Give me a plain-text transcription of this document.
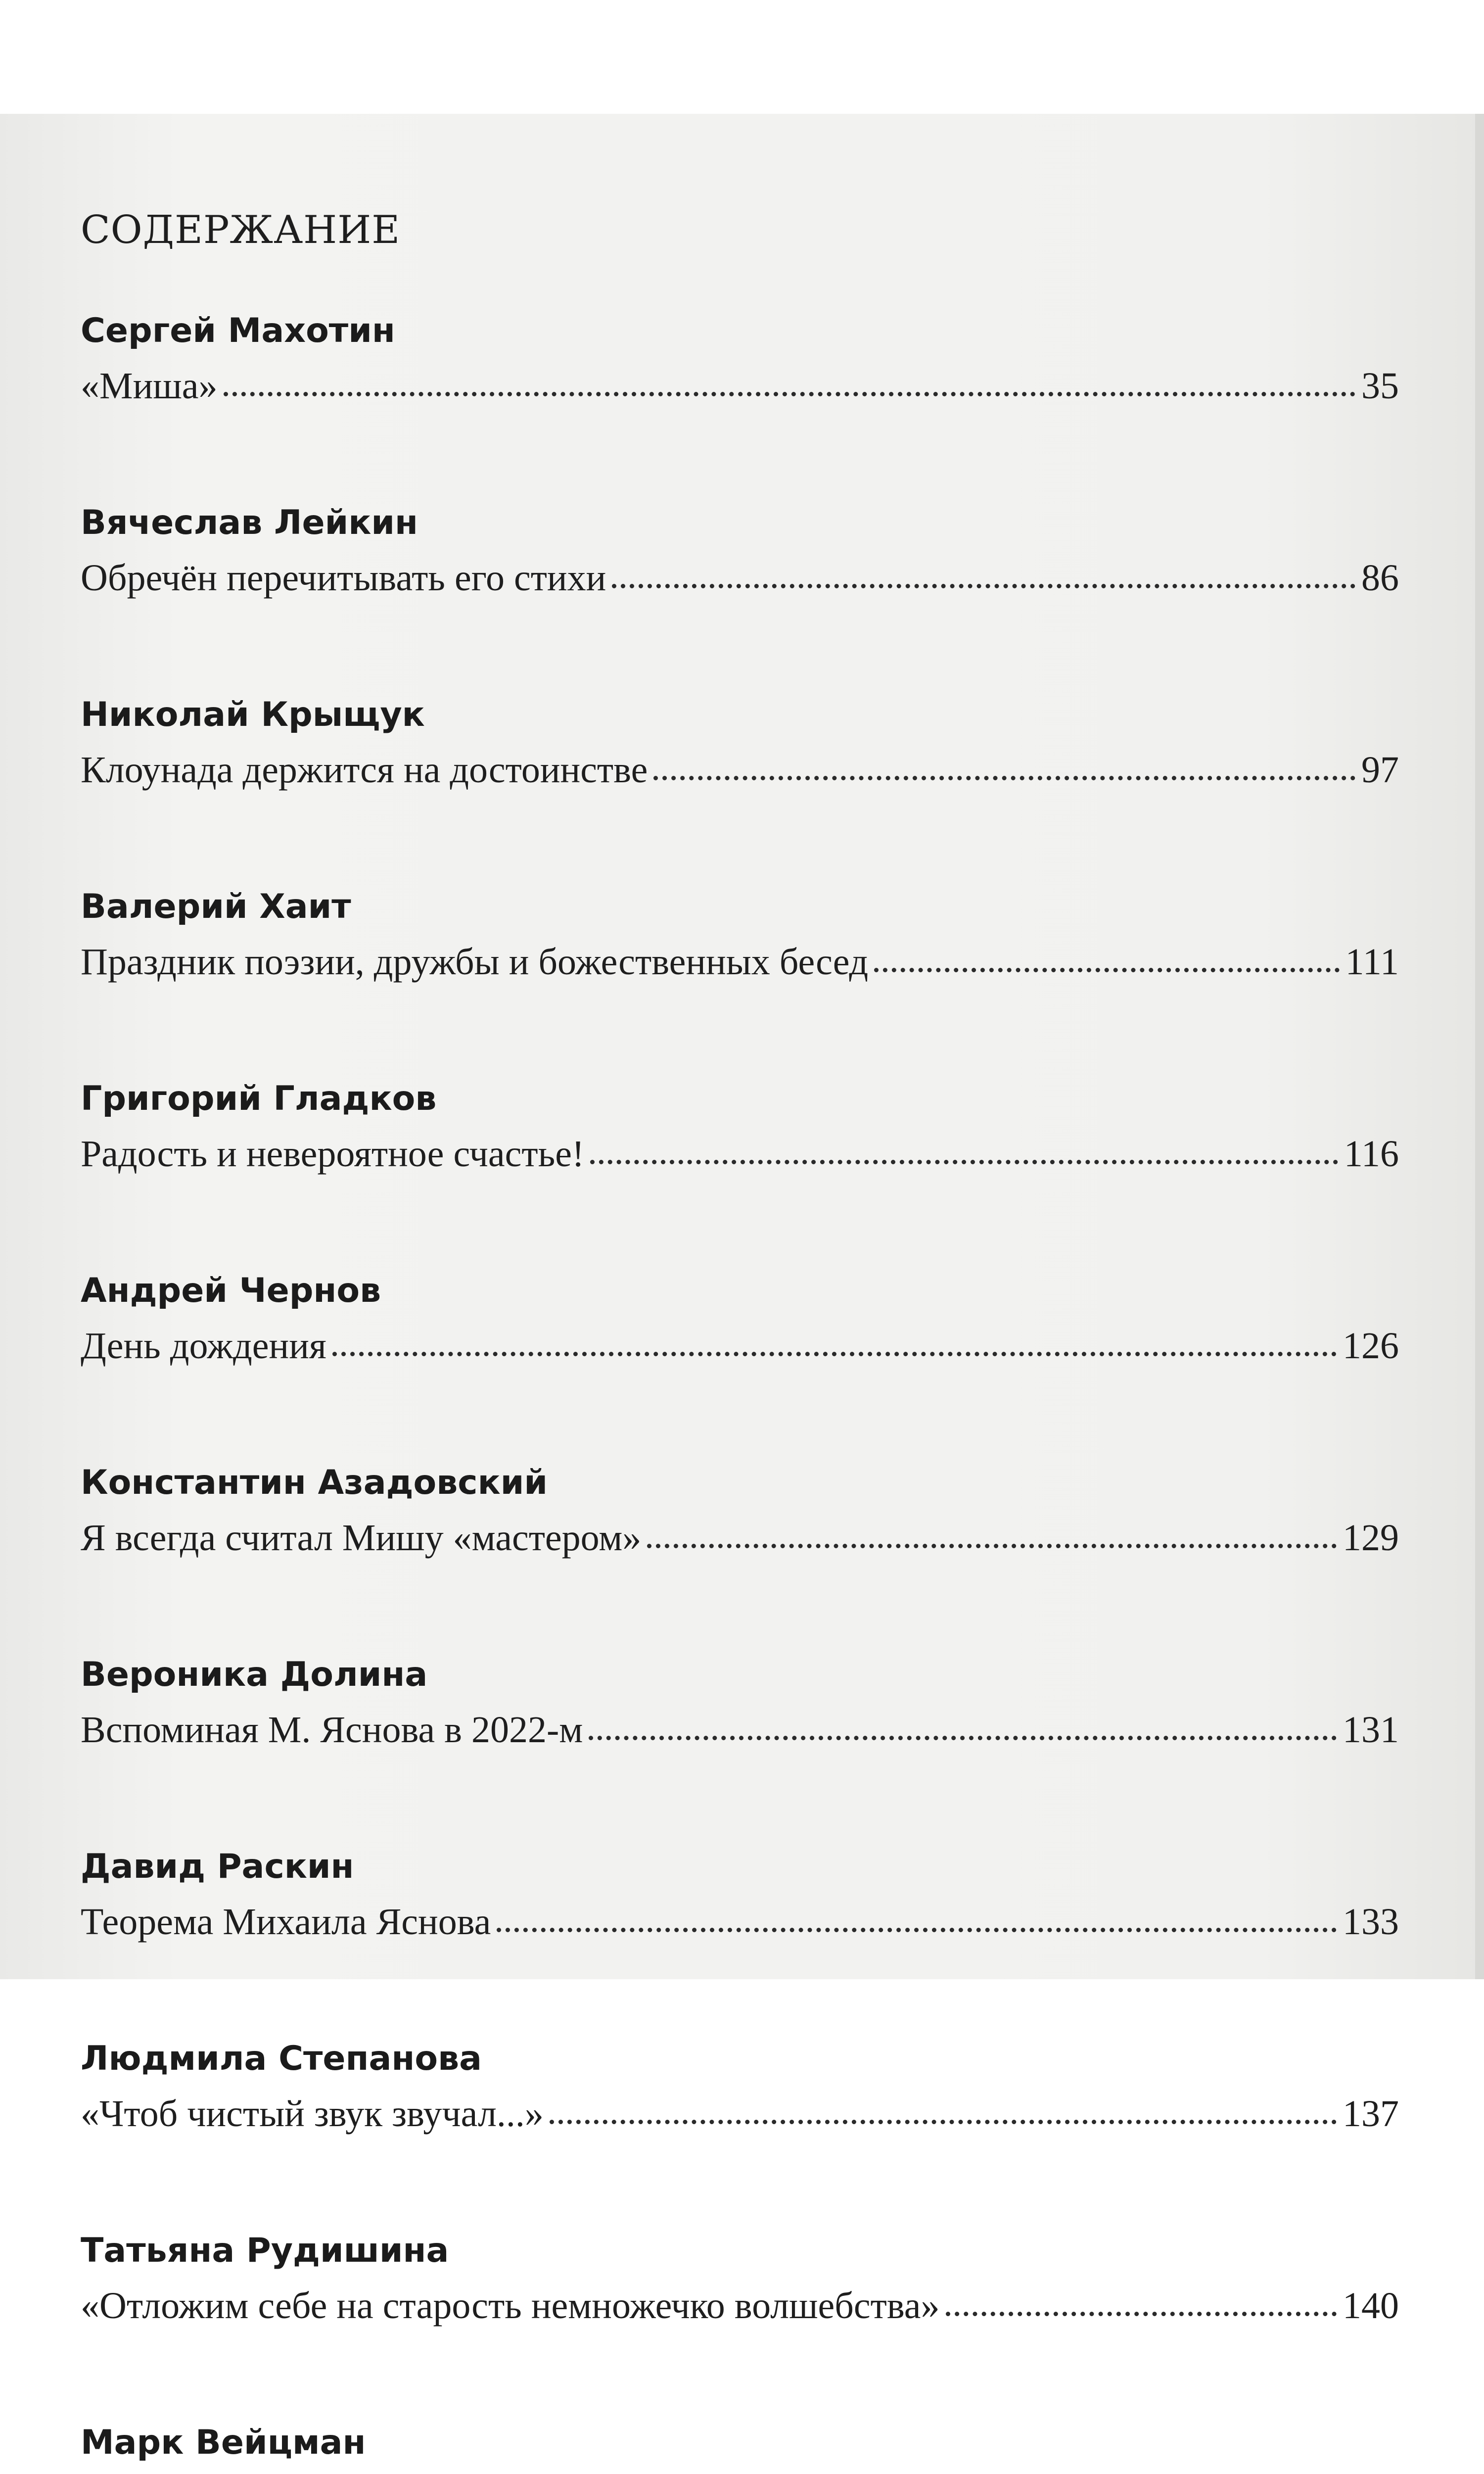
СОДЕРЖАНИЕ
Сергей Махотин
«Миша»	35
Вячеслав Лейкин
Обречён перечитывать его стихи	86
Николай Крыщук
Клоунада держится на достоинстве	97
Валерий Хаит
Праздник поэзии, дружбы и божественных бесед	111
Григорий Гладков
Радость и невероятное счастье!	116
Андрей Чернов
День дождения	126
Константин Азадовский
Я всегда считал Мишу «мастером»	129
Вероника Долина
Вспоминая М. Яснова в 2022-м	131
Давид Раскин
Теорема Михаила Яснова	133
Людмила Степанова
«Чтоб чистый звук звучал...»	137
Татьяна Рудишина
«Отложим себе на старость немножечко волшебства»	140
Марк Вейцман
